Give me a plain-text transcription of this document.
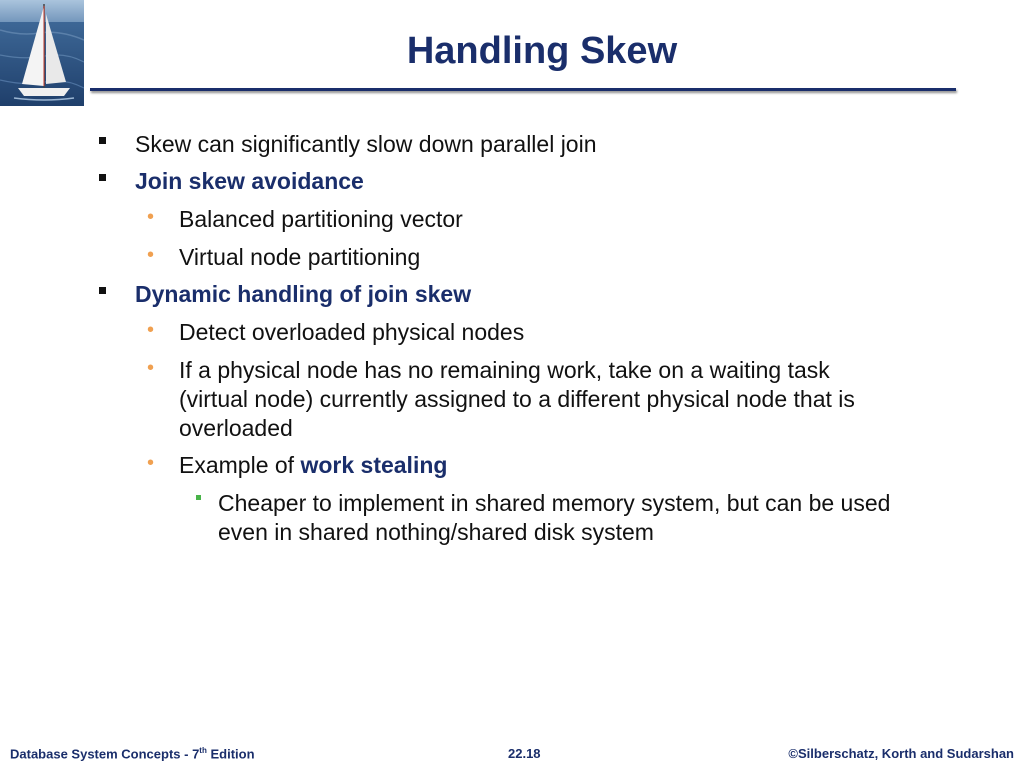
Handling Skew
Skew can significantly slow down parallel join
Join skew avoidance
• Balanced partitioning vector
• Virtual node partitioning
Dynamic handling of join skew
• Detect overloaded physical nodes
• If a physical node has no remaining work, take on a waiting task (virtual node) currently assigned to a different physical node that is overloaded
• Example of work stealing
Cheaper to implement in shared memory system, but can be used even in shared nothing/shared disk system
Database System Concepts - 7th Edition	22.18	©Silberschatz, Korth and Sudarshan
